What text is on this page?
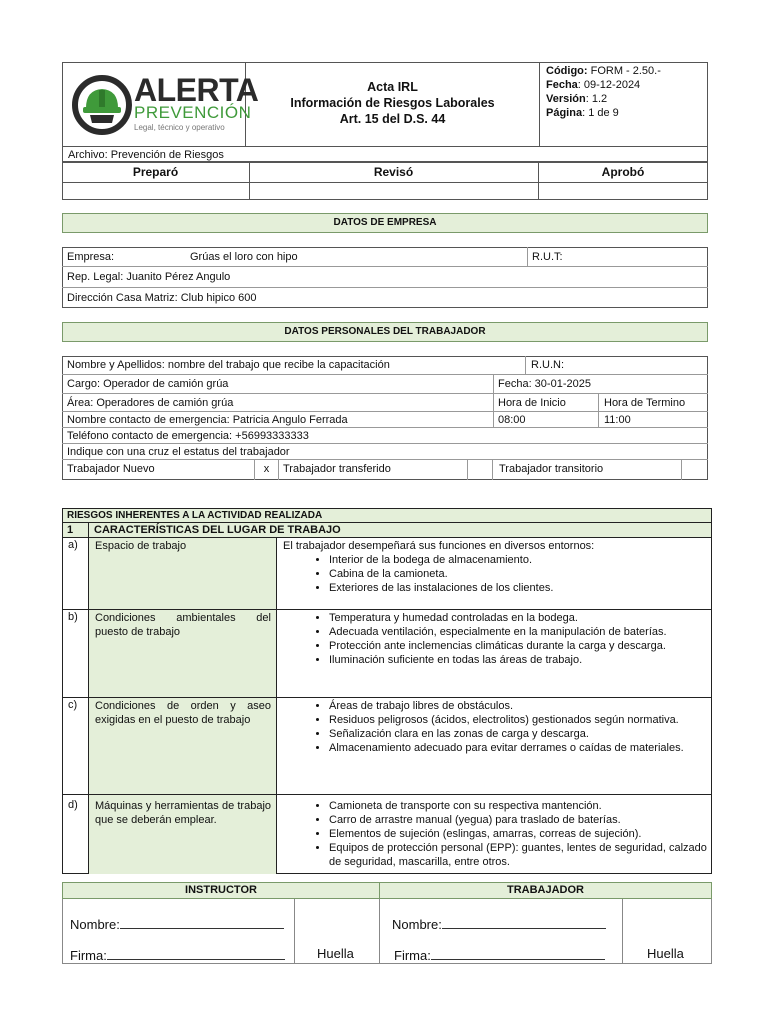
ALERTA
PREVENCIÓN
Legal, técnico y operativo
Acta IRL
Información de Riesgos Laborales
Art. 15 del D.S. 44
Código: FORM - 2.50.-
Fecha: 09-12-2024
Versión: 1.2
Página: 1 de 9
Archivo: Prevención de Riesgos
Preparó	Revisó	Aprobó
DATOS DE EMPRESA
Empresa:	Grúas el loro con hipo	R.U.T:
Rep. Legal: Juanito Pérez Angulo
Dirección Casa Matriz: Club hipico 600
DATOS PERSONALES DEL TRABAJADOR
Nombre y Apellidos: nombre del trabajo que recibe la capacitación	R.U.N:
Cargo: Operador de camión grúa	Fecha: 30-01-2025
Área: Operadores de camión grúa	Hora de Inicio	Hora de Termino
Nombre contacto de emergencia: Patricia Angulo Ferrada	08:00	11:00
Teléfono contacto de emergencia: +56993333333
Indique con una cruz el estatus del trabajador
Trabajador Nuevo	x	Trabajador transferido	Trabajador transitorio
RIESGOS INHERENTES A LA ACTIVIDAD REALIZADA
1 CARACTERÍSTICAS DEL LUGAR DE TRABAJO
a) Espacio de trabajo	El trabajador desempeñará sus funciones en diversos entornos:
• Interior de la bodega de almacenamiento.
• Cabina de la camioneta.
• Exteriores de las instalaciones de los clientes.
b) Condiciones ambientales del puesto de trabajo
• Temperatura y humedad controladas en la bodega.
• Adecuada ventilación, especialmente en la manipulación de baterías.
• Protección ante inclemencias climáticas durante la carga y descarga.
• Iluminación suficiente en todas las áreas de trabajo.
c) Condiciones de orden y aseo exigidas en el puesto de trabajo
• Áreas de trabajo libres de obstáculos.
• Residuos peligrosos (ácidos, electrolitos) gestionados según normativa.
• Señalización clara en las zonas de carga y descarga.
• Almacenamiento adecuado para evitar derrames o caídas de materiales.
d) Máquinas y herramientas de trabajo que se deberán emplear.
• Camioneta de transporte con su respectiva mantención.
• Carro de arrastre manual (yegua) para traslado de baterías.
• Elementos de sujeción (eslingas, amarras, correas de sujeción).
• Equipos de protección personal (EPP): guantes, lentes de seguridad, calzado de seguridad, mascarilla, entre otros.
INSTRUCTOR	TRABAJADOR
Nombre:
Firma:	Huella
Nombre:
Firma:	Huella
